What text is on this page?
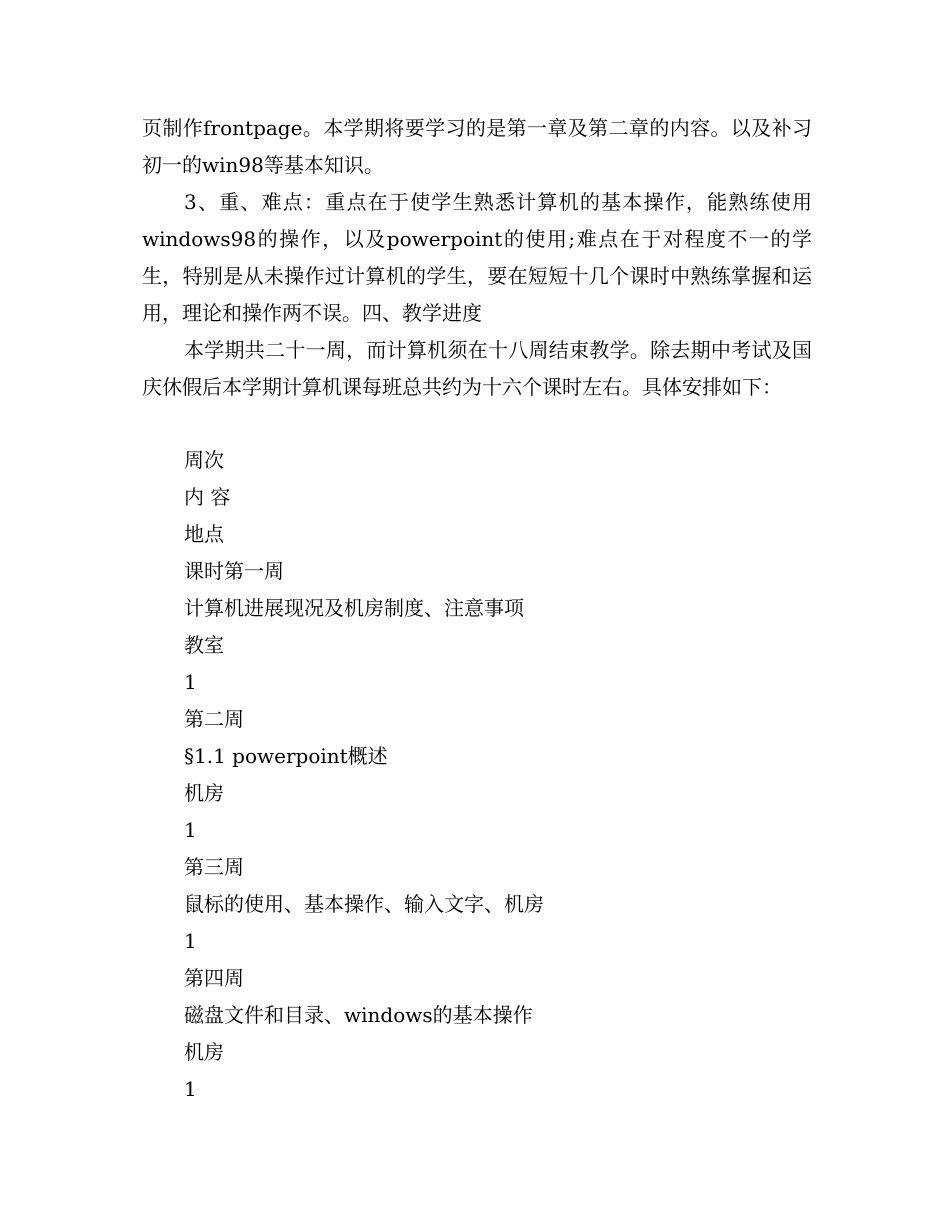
页制作frontpage。本学期将要学习的是第一章及第二章的内容。以及补习初一的win98等基本知识。

3、重、难点：重点在于使学生熟悉计算机的基本操作，能熟练使用windows98的操作，以及powerpoint的使用;难点在于对程度不一的学生，特别是从未操作过计算机的学生，要在短短十几个课时中熟练掌握和运用，理论和操作两不误。四、教学进度

本学期共二十一周，而计算机须在十八周结束教学。除去期中考试及国庆休假后本学期计算机课每班总共约为十六个课时左右。具体安排如下：

周次
内 容
地点
课时第一周
计算机进展现况及机房制度、注意事项
教室
1
第二周
§1.1 powerpoint概述
机房
1
第三周
鼠标的使用、基本操作、输入文字、机房
1
第四周
磁盘文件和目录、windows的基本操作
机房
1
